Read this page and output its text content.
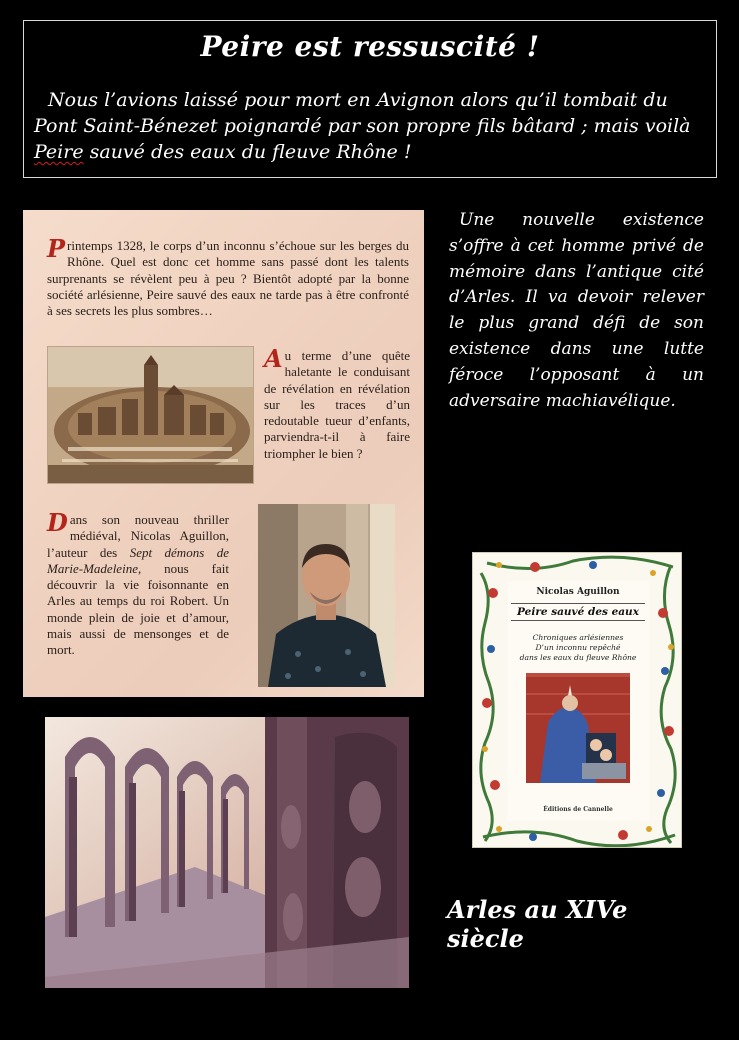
Peire est ressuscité !

Nous l’avions laissé pour mort en Avignon alors qu’il tombait du Pont Saint-Bénezet poignardé par son propre fils bâtard ; mais voilà Peire sauvé des eaux du fleuve Rhône !

Printemps 1328, le corps d’un inconnu s’échoue sur les berges du Rhône. Quel est donc cet homme sans passé dont les talents surprenants se révèlent peu à peu ? Bientôt adopté par la bonne société arlésienne, Peire sauvé des eaux ne tarde pas à être confronté à ses secrets les plus sombres…

Au terme d’une quête haletante le conduisant de révélation en révélation sur les traces d’un redoutable tueur d’enfants, parviendra-t-il à faire triompher le bien ?

Dans son nouveau thriller médiéval, Nicolas Aguillon, l’auteur des Sept démons de Marie-Madeleine, nous fait découvrir la vie foisonnante en Arles au temps du roi Robert. Un monde plein de joie et d’amour, mais aussi de mensonges et de mort.

Une nouvelle existence s’offre à cet homme privé de mémoire dans l’antique cité d’Arles. Il va devoir relever le plus grand défi de son existence dans une lutte féroce l’opposant à un adversaire machiavélique.

Nicolas Aguillon
Peire sauvé des eaux
Chroniques arlésiennes
D’un inconnu repêché
dans les eaux du fleuve Rhône
Éditions de Cannelle

Arles au XIVe siècle
